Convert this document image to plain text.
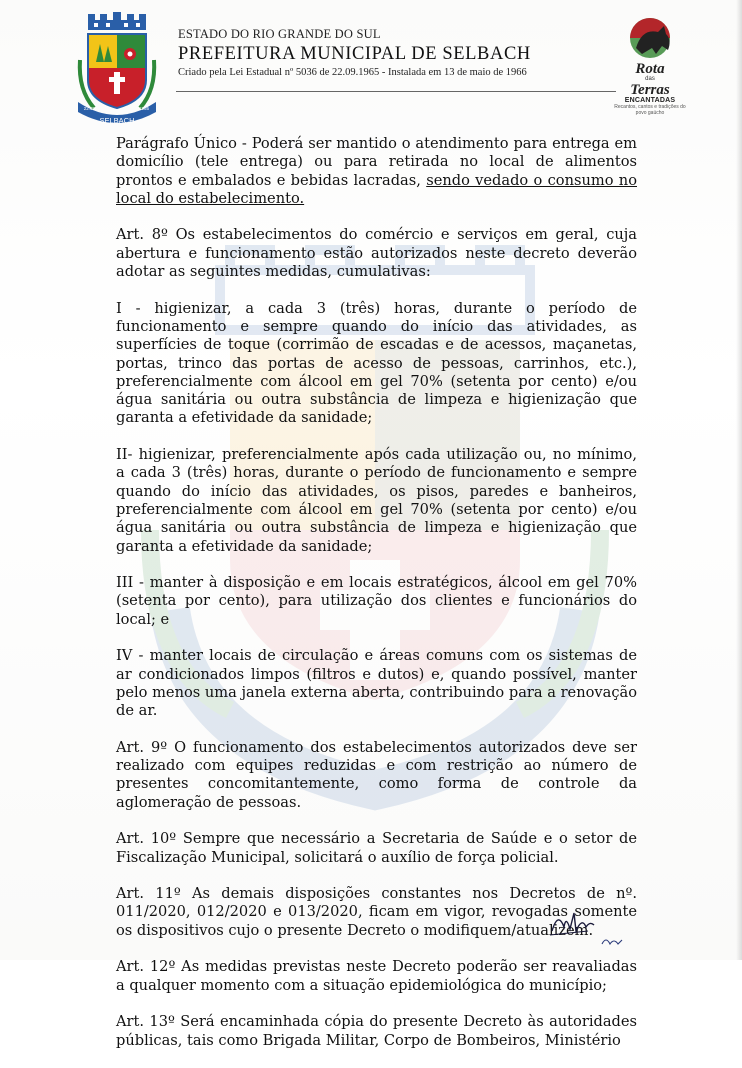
SELBACH
22.09.	1965

ESTADO DO RIO GRANDE DO SUL

PREFEITURA MUNICIPAL DE SELBACH

Criado pela Lei Estadual nº 5036 de 22.09.1965 - Instalada em 13 de maio de 1966	Rota
das
Terras
ENCANTADAS
Recantos, cantos e tradições do povo gaúcho

Parágrafo Único - Poderá ser mantido o atendimento para entrega em domicílio (tele entrega) ou para retirada no local de alimentos prontos e embalados e bebidas lacradas, sendo vedado o consumo no local do estabelecimento.

Art. 8º Os estabelecimentos do comércio e serviços em geral, cuja abertura e funcionamento estão autorizados neste decreto deverão adotar as seguintes medidas, cumulativas:

I - higienizar, a cada 3 (três) horas, durante o período de funcionamento e sempre quando do início das atividades, as superfícies de toque (corrimão de escadas e de acessos, maçanetas, portas, trinco das portas de acesso de pessoas, carrinhos, etc.), preferencialmente com álcool em gel 70% (setenta por cento) e/ou água sanitária ou outra substância de limpeza e higienização que garanta a efetividade da sanidade;

II- higienizar, preferencialmente após cada utilização ou, no mínimo, a cada 3 (três) horas, durante o período de funcionamento e sempre quando do início das atividades, os pisos, paredes e banheiros, preferencialmente com álcool em gel 70% (setenta por cento) e/ou água sanitária ou outra substância de limpeza e higienização que garanta a efetividade da sanidade;

III - manter à disposição e em locais estratégicos, álcool em gel 70% (setenta por cento), para utilização dos clientes e funcionários do local; e

IV - manter locais de circulação e áreas comuns com os sistemas de ar condicionados limpos (filtros e dutos) e, quando possível, manter pelo menos uma janela externa aberta, contribuindo para a renovação de ar.

Art. 9º O funcionamento dos estabelecimentos autorizados deve ser realizado com equipes reduzidas e com restrição ao número de presentes concomitantemente, como forma de controle da aglomeração de pessoas.

Art. 10º Sempre que necessário a Secretaria de Saúde e o setor de Fiscalização Municipal, solicitará o auxílio de força policial.

Art. 11º As demais disposições constantes nos Decretos de nº. 011/2020, 012/2020 e 013/2020, ficam em vigor, revogadas somente os dispositivos cujo o presente Decreto o modifiquem/atualizem.

Art. 12º As medidas previstas neste Decreto poderão ser reavaliadas a qualquer momento com a situação epidemiológica do município;

Art. 13º Será encaminhada cópia do presente Decreto às autoridades públicas, tais como Brigada Militar, Corpo de Bombeiros, Ministério
